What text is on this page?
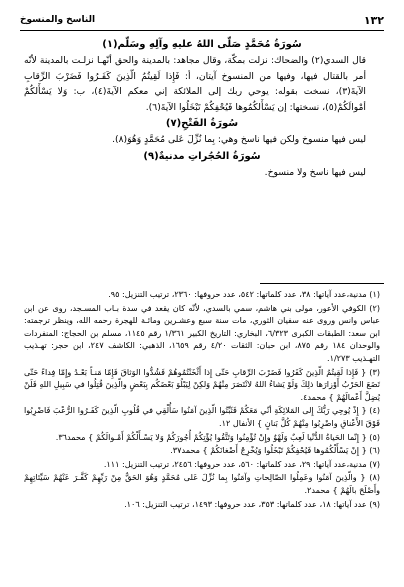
١٣٢
الناسخ والمنسوخ

سُورَةُ مُحَمَّدٍ صَلّى اللهُ عليهِ وآلِهِ وسَلّم(١)

قال السدي(٢) والضحاك: نزلت بمكّة، وقال مجاهد: بالمدينة والحق أنّهـا نزلـت بالمدينة لأنّه أمر بالقتال فيها، وفيها من المنسوخ آيتان، أ: فَإِذا لَقِيتُمُ الّذِينَ كَفَـرُوا فَضَرْبَ الرِّقابِ الآيةَ(٣)، نسخت بقوله: يوحي ربك إلى الملائكة إني معكم الآيةَ(٤)، ب: وَلا يَسْأَلكُمْ أمْوالَكُمْ(٥)، نسختها: إن يَسْأَلكُمُوها فَيُحْفِكُمْ تَبْخَلُوا الآيةَ(٦).

سُورَةُ الفَتْحِ(٧)

ليس فيها منسوخ ولكن فيها ناسخ وهي: بِما نُزِّلَ عَلى مُحَمَّدٍ وَهُوَ(٨).

سُورَةُ الحُجُراتِ مدنيةٌ(٩)

ليس فيها ناسخ ولا منسوخ.

(١) مدنية،عدد آياتها: ٣٨، عدد كلماتها: ٥٤٢، عدد حروفها: ٢٣٦٠، ترتيب التنزيل: ٩٥.

(٢) الكوفي الأعور، مولى بني هاشم، سمي بالسدي، لأنّه كان يقعد في سدة بـاب المسـجد، روى عن ابن عباس وانس وروى عنه سفيان الثوري، مات سنة سبع وعشـرين ومائـة للهجرة رحمه الله، وينظر ترجمته: ابن سعد: الطبقات الكبرى ٦/٣٢٣، البخاري: التاريخ الكبير ١/٣٦١ رقم ١١٤٥، مسلم بن الحجاج: المنفردات والوحدان ١٨٤ رقم ٨٧٥، ابن حبان: الثقات ٤/٢٠ رقم ١٦٥٩، الذهبي: الكاشف ٢٤٧، ابن حجر: تهـذيب التهـذيب ١/٢٧٣.

(٣) { فَإِذا لَقِيتُمُ الّذِينَ كَفَرُوا فَضَرْبَ الرِّقابِ حَتّى إِذا أَثْخَنْتُمُوهُمْ فَشُدُّوا الوَثاقَ فَإِمّا مَنـاً بَعْـدُ وإِمّا فِداءً حَتّى تَضَعَ الحَرْبُ أَوْزارَها ذلِكَ وَلَوْ يَشاءُ اللهُ لانْتَصَرَ مِنْهُمْ وَلكِنْ لِيَبْلُوَ بَعْضَكُم بِبَعْضٍ والّذِينَ قُتِلُوا في سَبِيلِ اللهِ فَلَنْ يُضِلَّ أَعْمالَهُمْ } محمد٤.

(٤) { إِذْ يُوحِي رَبُّكَ إِلى المَلائِكَةِ أنّي مَعَكُمْ فَثَبِّتُوا الّذِينَ آمَنُوا سَأُلْقِي في قُلُوبِ الّذِينَ كَفَـرُوا الرُّعْبَ فَاضْرِبُوا فَوْقَ الأَعْناقِ واضْرِبُوا مِنْهُمْ كُلَّ بَنانٍ } الأنفال ١٢.

(٥) { إِنّما الحَياةُ الدُّنْيا لَعِبٌ وَلَهْوٌ وإِنْ تُؤْمِنُوا وَتَتَّقُوا يُؤْتِكُمْ أُجُورَكُمْ وَلا يَسْـأَلْكُمْ أَمْـوالَكُمْ } محمد٣٦.

(٦) { إِنْ يَسْأَلْكُمُوها فَيُحْفِكُمْ تَبْخَلُوا وَيُخْرِجْ أَضْغانَكُمْ } محمد٣٧.

(٧) مدنية،عدد آياتها: ٢٩، عدد كلماتها: ٥٦٠، عدد حروفها: ٢٤٥٦، ترتيب التنزيل: ١١١.

(٨) { والّذِينَ آمَنُوا وعَمِلُوا الصّالِحاتِ وآمَنُوا بِما نُزِّلَ عَلى مُحَمَّدٍ وَهُوَ الحَقُّ مِنْ رَبِّهِمْ كَفَّـرَ عَنْهُمْ سَيِّئاتِهِمْ وأَصْلَحَ بالَهُمْ } محمد٢.

(٩) عدد آياتها: ١٨، عدد كلماتها: ٣٥٣، عدد حروفها: ١٤٩٣، ترتيب التنزيل: ١٠٦.
